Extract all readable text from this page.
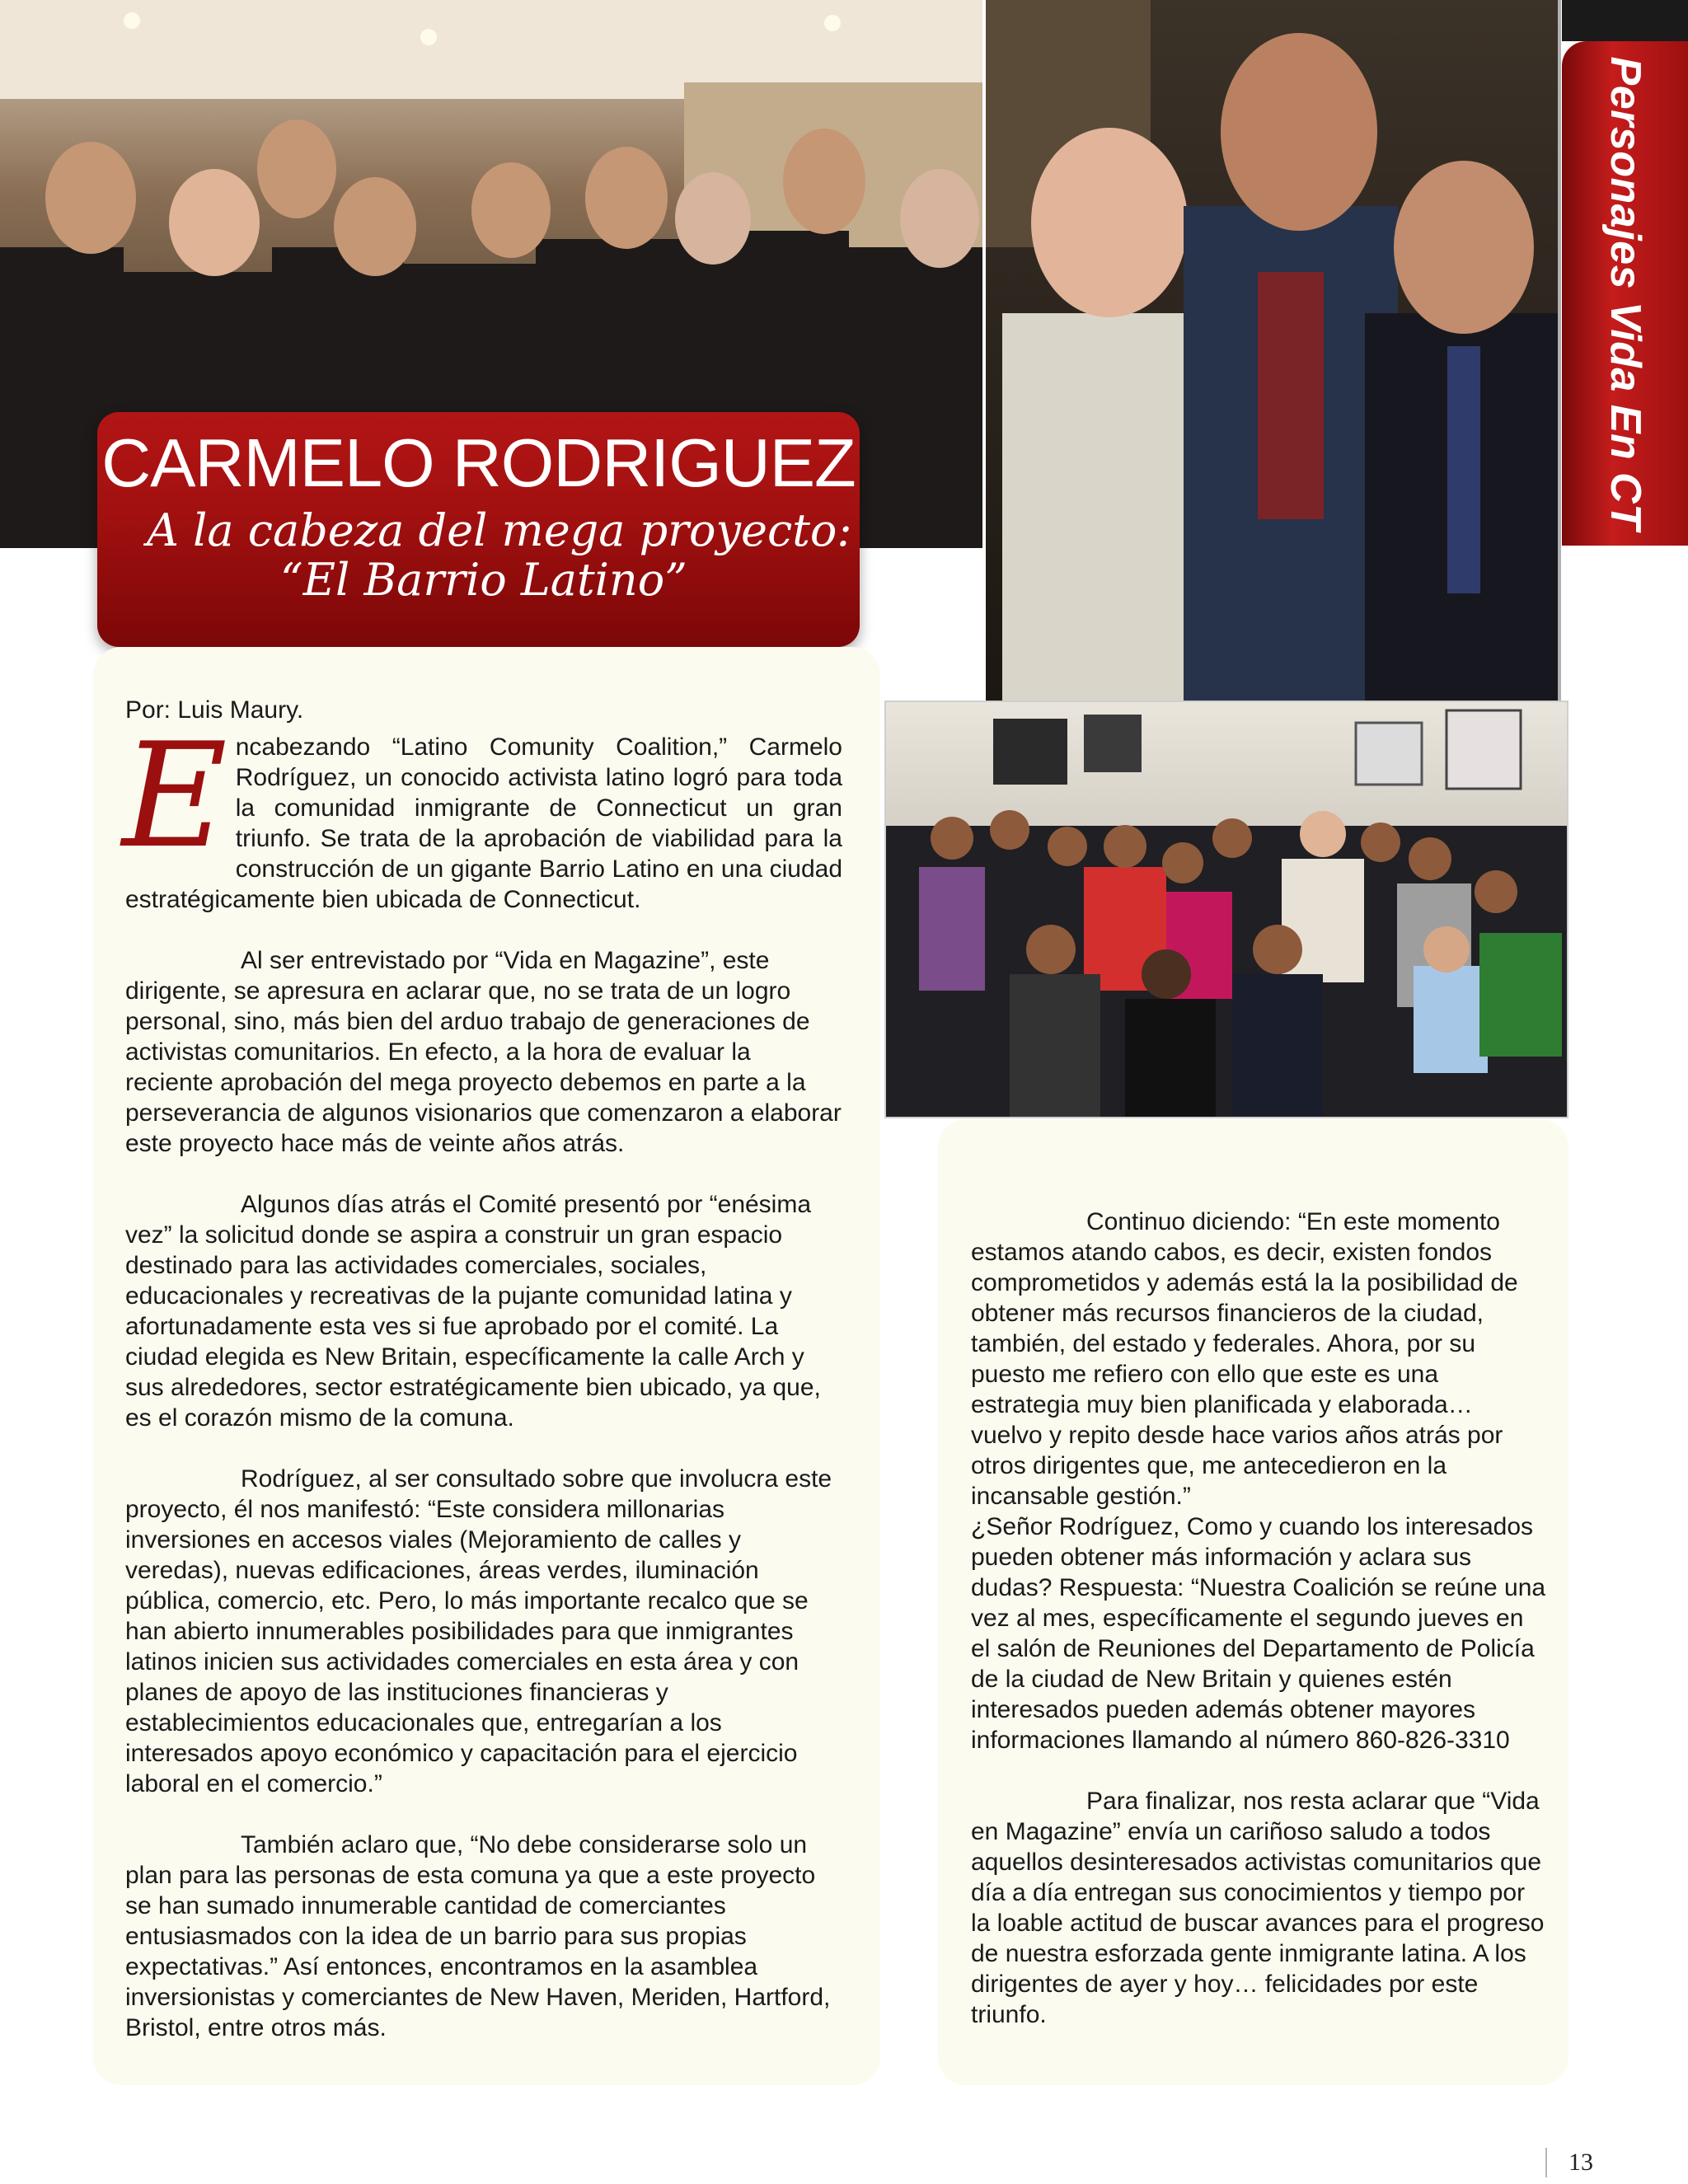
Personajes Vida En CT
CARMELO RODRIGUEZ
A la cabeza del mega proyecto:
“El Barrio Latino”
Por: Luis Maury.

Encabezando “Latino Comunity Coalition,” Carmelo Rodríguez, un conocido activista latino logró para toda la comunidad inmigrante de Connecticut un gran triunfo. Se trata de la aprobación de viabilidad para la construcción de un gigante Barrio Latino en una ciudad estratégicamente bien ubicada de Connecticut.

Al ser entrevistado por “Vida en Magazine”, este dirigente, se apresura en aclarar que, no se trata de un logro personal, sino, más bien del arduo trabajo de generaciones de activistas comunitarios. En efecto, a la hora de evaluar la reciente aprobación del mega proyecto debemos en parte a la perseverancia de algunos visionarios que comenzaron a elaborar este proyecto hace más de veinte años atrás.

Algunos días atrás el Comité presentó por “enésima vez” la solicitud donde se aspira a construir un gran espacio destinado para las actividades comerciales, sociales, educacionales y recreativas de la pujante comunidad latina y afortunadamente esta ves si fue aprobado por el comité. La ciudad elegida es New Britain, específicamente la calle Arch y sus alrededores, sector estratégicamente bien ubicado, ya que, es el corazón mismo de la comuna.

Rodríguez, al ser consultado sobre que involucra este proyecto, él nos manifestó: “Este considera millonarias inversiones en accesos viales (Mejoramiento de calles y veredas), nuevas edificaciones, áreas verdes, iluminación pública, comercio, etc. Pero, lo más importante recalco que se han abierto innumerables posibilidades para que inmigrantes latinos inicien sus actividades comerciales en esta área y con planes de apoyo de las instituciones financieras y establecimientos educacionales que, entregarían a los interesados apoyo económico y capacitación para el ejercicio laboral en el comercio.”

También aclaro que, “No debe considerarse solo un plan para las personas de esta comuna ya que a este proyecto se han sumado innumerable cantidad de comerciantes entusiasmados con la idea de un barrio para sus propias expectativas.” Así entonces, encontramos en la asamblea inversionistas y comerciantes de New Haven, Meriden, Hartford, Bristol, entre otros más.

Continuo diciendo: “En este momento estamos atando cabos, es decir, existen fondos comprometidos y además está la la posibilidad de obtener más recursos financieros de la ciudad, también, del estado y federales. Ahora, por su puesto me refiero con ello que este es una estrategia muy bien planificada y elaborada… vuelvo y repito desde hace varios años atrás por otros dirigentes que, me antecedieron en la incansable gestión.”

¿Señor Rodríguez, Como y cuando los interesados pueden obtener más información y aclara sus dudas? Respuesta: “Nuestra Coalición se reúne una vez al mes, específicamente el segundo jueves en el salón de Reuniones del Departamento de Policía de la ciudad de New Britain y quienes estén interesados pueden además obtener mayores informaciones llamando al número 860-826-3310

Para finalizar, nos resta aclarar que “Vida en Magazine” envía un cariñoso saludo a todos aquellos desinteresados activistas comunitarios que día a día entregan sus conocimientos y tiempo por la loable actitud de buscar avances para el progreso de nuestra esforzada gente inmigrante latina. A los dirigentes de ayer y hoy… felicidades por este triunfo.

13
